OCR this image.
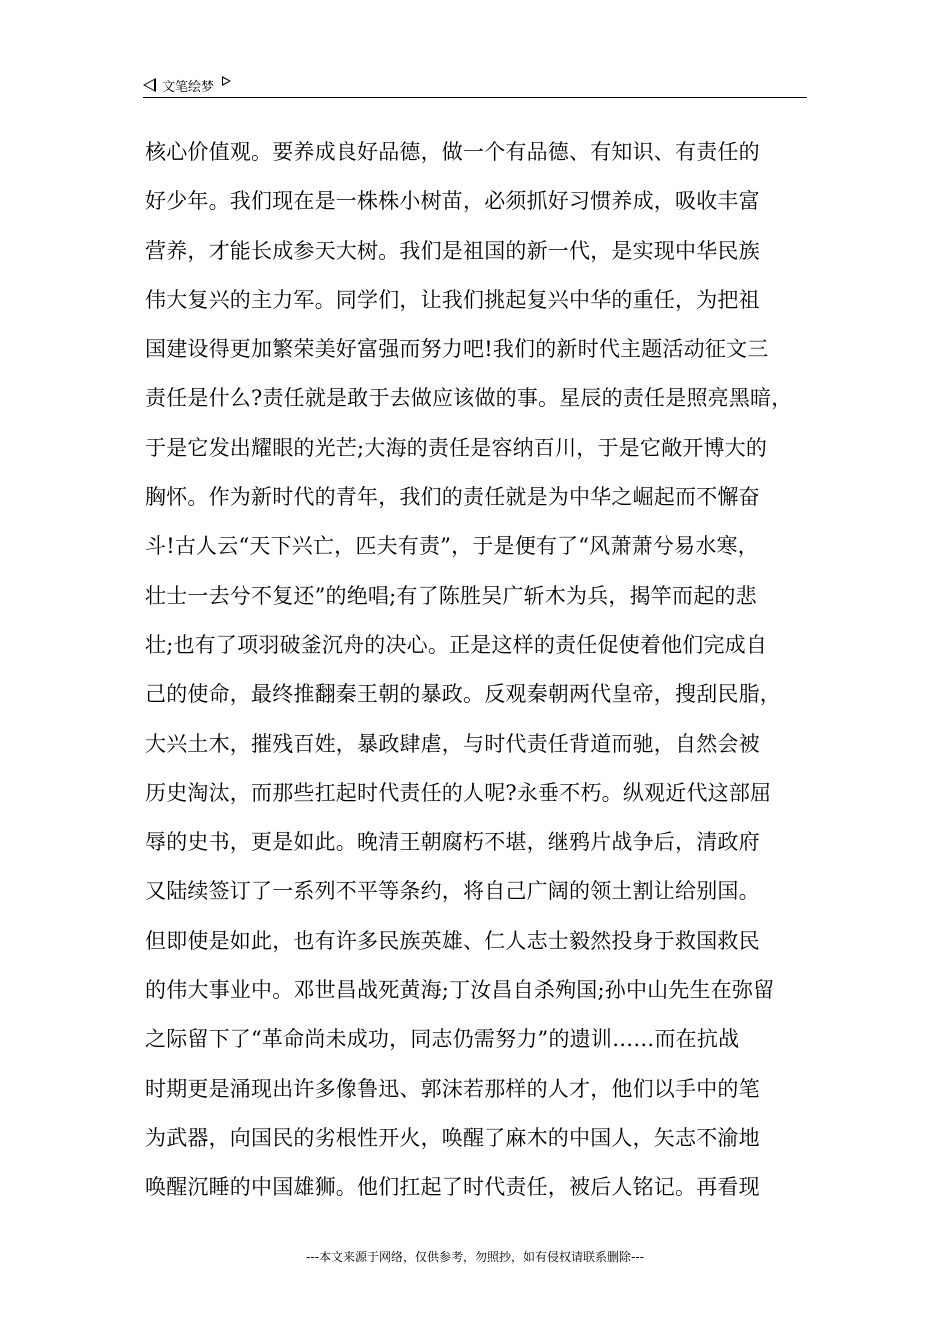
文笔绘梦
核心价值观。要养成良好品德，做一个有品德、有知识、有责任的
好少年。我们现在是一株株小树苗，必须抓好习惯养成，吸收丰富
营养，才能长成参天大树。我们是祖国的新一代，是实现中华民族
伟大复兴的主力军。同学们，让我们挑起复兴中华的重任，为把祖
国建设得更加繁荣美好富强而努力吧!我们的新时代主题活动征文三
责任是什么?责任就是敢于去做应该做的事。星辰的责任是照亮黑暗，
于是它发出耀眼的光芒;大海的责任是容纳百川，于是它敞开博大的
胸怀。作为新时代的青年，我们的责任就是为中华之崛起而不懈奋
斗!古人云“天下兴亡，匹夫有责”，于是便有了“风萧萧兮易水寒，
壮士一去兮不复还”的绝唱;有了陈胜吴广斩木为兵，揭竿而起的悲
壮;也有了项羽破釜沉舟的决心。正是这样的责任促使着他们完成自
己的使命，最终推翻秦王朝的暴政。反观秦朝两代皇帝，搜刮民脂，
大兴土木，摧残百姓，暴政肆虐，与时代责任背道而驰，自然会被
历史淘汰，而那些扛起时代责任的人呢?永垂不朽。纵观近代这部屈
辱的史书，更是如此。晚清王朝腐朽不堪，继鸦片战争后，清政府
又陆续签订了一系列不平等条约，将自己广阔的领土割让给别国。
但即使是如此，也有许多民族英雄、仁人志士毅然投身于救国救民
的伟大事业中。邓世昌战死黄海;丁汝昌自杀殉国;孙中山先生在弥留
之际留下了“革命尚未成功，同志仍需努力”的遗训……而在抗战
时期更是涌现出许多像鲁迅、郭沫若那样的人才，他们以手中的笔
为武器，向国民的劣根性开火，唤醒了麻木的中国人，矢志不渝地
唤醒沉睡的中国雄狮。他们扛起了时代责任，被后人铭记。再看现
---本文来源于网络，仅供参考，勿照抄，如有侵权请联系删除---
